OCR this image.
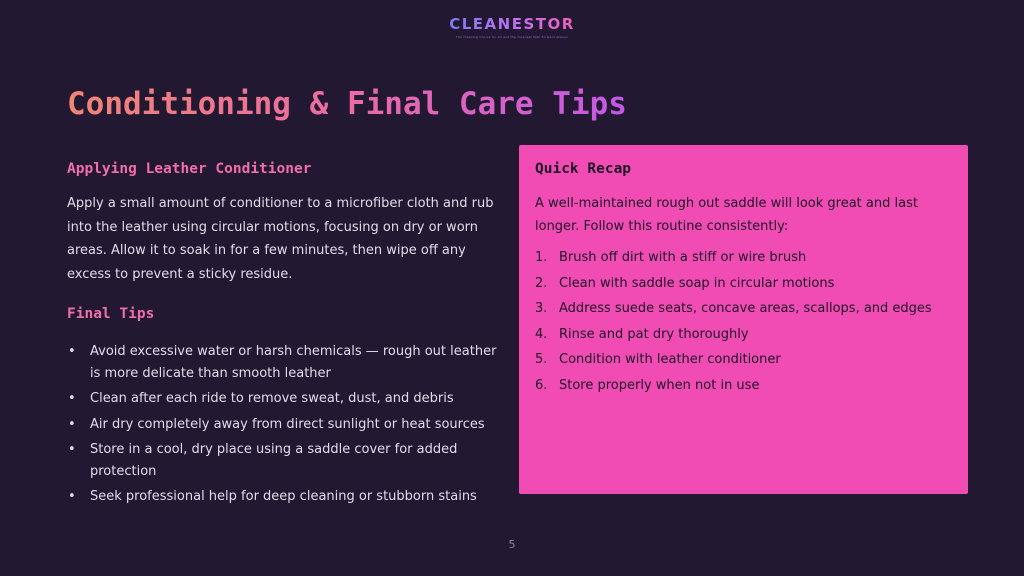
CLEANESTOR
The Cleaning Choice for All and the Cleanest Path Forward Always
Conditioning & Final Care Tips
Applying Leather Conditioner

Apply a small amount of conditioner to a microfiber cloth and rub into the leather using circular motions, focusing on dry or worn areas. Allow it to soak in for a few minutes, then wipe off any excess to prevent a sticky residue.

Final Tips
• Avoid excessive water or harsh chemicals — rough out leather is more delicate than smooth leather
• Clean after each ride to remove sweat, dust, and debris
• Air dry completely away from direct sunlight or heat sources
• Store in a cool, dry place using a saddle cover for added protection
• Seek professional help for deep cleaning or stubborn stains
Quick Recap

A well-maintained rough out saddle will look great and last longer. Follow this routine consistently:

1. Brush off dirt with a stiff or wire brush
2. Clean with saddle soap in circular motions
3. Address suede seats, concave areas, scallops, and edges
4. Rinse and pat dry thoroughly
5. Condition with leather conditioner
6. Store properly when not in use
5
